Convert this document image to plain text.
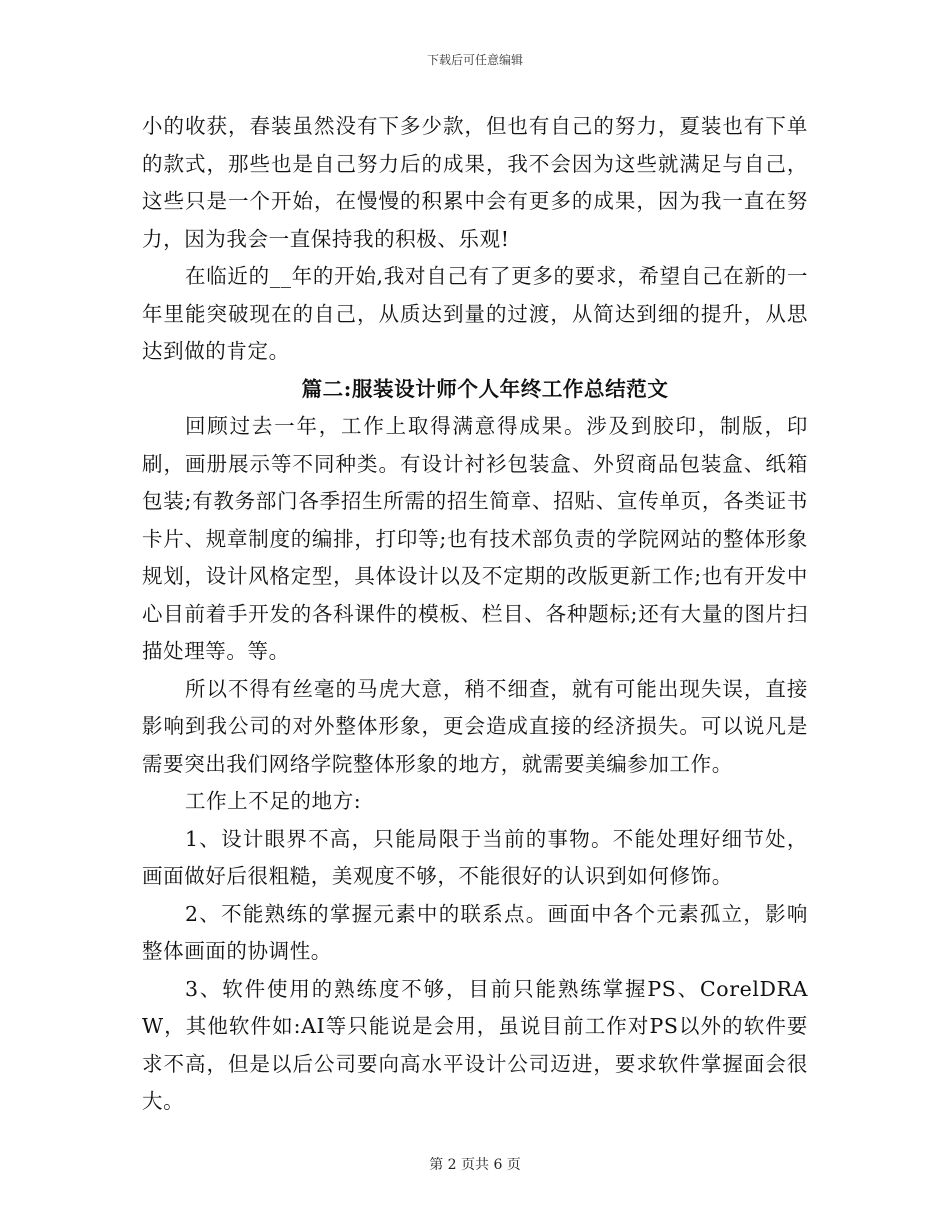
下载后可任意编辑

小的收获，春装虽然没有下多少款，但也有自己的努力，夏装也有下单的款式，那些也是自己努力后的成果，我不会因为这些就满足与自己，这些只是一个开始，在慢慢的积累中会有更多的成果，因为我一直在努力，因为我会一直保持我的积极、乐观!

在临近的__年的开始,我对自己有了更多的要求，希望自己在新的一年里能突破现在的自己，从质达到量的过渡，从简达到细的提升，从思达到做的肯定。

篇二:服装设计师个人年终工作总结范文

回顾过去一年，工作上取得满意得成果。涉及到胶印，制版，印刷，画册展示等不同种类。有设计衬衫包装盒、外贸商品包装盒、纸箱包装;有教务部门各季招生所需的招生简章、招贴、宣传单页，各类证书卡片、规章制度的编排，打印等;也有技术部负责的学院网站的整体形象规划，设计风格定型，具体设计以及不定期的改版更新工作;也有开发中心目前着手开发的各科课件的模板、栏目、各种题标;还有大量的图片扫描处理等。等。

所以不得有丝毫的马虎大意，稍不细查，就有可能出现失误，直接影响到我公司的对外整体形象，更会造成直接的经济损失。可以说凡是需要突出我们网络学院整体形象的地方，就需要美编参加工作。

工作上不足的地方:

1、设计眼界不高，只能局限于当前的事物。不能处理好细节处，画面做好后很粗糙，美观度不够，不能很好的认识到如何修饰。

2、不能熟练的掌握元素中的联系点。画面中各个元素孤立，影响整体画面的协调性。

3、软件使用的熟练度不够，目前只能熟练掌握PS、CorelDRAW，其他软件如:AI等只能说是会用，虽说目前工作对PS以外的软件要求不高，但是以后公司要向高水平设计公司迈进，要求软件掌握面会很大。

第 2 页共 6 页
